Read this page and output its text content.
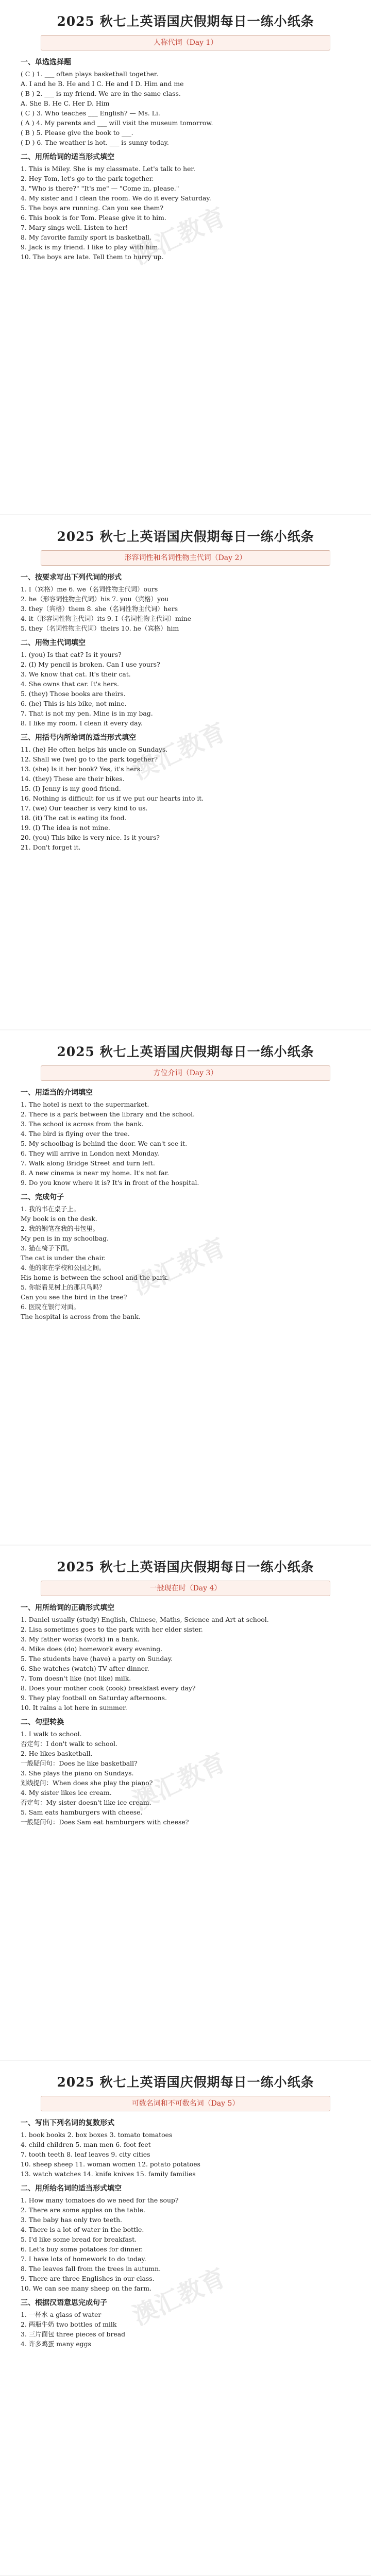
2025 秋七上英语国庆假期每日一练小纸条
人称代词（Day 1）
一、单选选择题
( C ) 1. ___ often plays basketball together.
A. I and he B. He and I C. He and I D. Him and me
( B ) 2. ___ is my friend. We are in the same class.
A. She B. He C. Her D. Him
( C ) 3. Who teaches ___ English? — Ms. Li.
( A ) 4. My parents and ___ will visit the museum tomorrow.
( B ) 5. Please give the book to ___.
( D ) 6. The weather is hot. ___ is sunny today.
二、用所给词的适当形式填空
1. This is Miley. She is my classmate. Let's talk to her.
2. Hey Tom, let's go to the park together.
3. "Who is there?" "It's me" — "Come in, please."
4. My sister and I clean the room. We do it every Saturday.
5. The boys are running. Can you see them?
6. This book is for Tom. Please give it to him.
7. Mary sings well. Listen to her!
8. My favorite family sport is basketball.
9. Jack is my friend. I like to play with him.
10. The boys are late. Tell them to hurry up.
澳汇教育
2025 秋七上英语国庆假期每日一练小纸条
形容词性和名词性物主代词（Day 2）
一、按要求写出下列代词的形式
1. I（宾格）me 6. we（名词性物主代词）ours
2. he（形容词性物主代词）his 7. you（宾格）you
3. they（宾格）them 8. she（名词性物主代词）hers
4. it（形容词性物主代词）its 9. I（名词性物主代词）mine
5. they（名词性物主代词）theirs 10. he（宾格）him
二、用物主代词填空
1. (you) Is that cat? Is it yours?
2. (I) My pencil is broken. Can I use yours?
3. We know that cat. It's their cat.
4. She owns that car. It's hers.
5. (they) Those books are theirs.
6. (he) This is his bike, not mine.
7. That is not my pen. Mine is in my bag.
8. I like my room. I clean it every day.
三、用括号内所给词的适当形式填空
11. (he) He often helps his uncle on Sundays.
12. Shall we (we) go to the park together?
13. (she) Is it her book? Yes, it's hers.
14. (they) These are their bikes.
15. (I) Jenny is my good friend.
16. Nothing is difficult for us if we put our hearts into it.
17. (we) Our teacher is very kind to us.
18. (it) The cat is eating its food.
19. (I) The idea is not mine.
20. (you) This bike is very nice. Is it yours?
21. Don't forget it.
澳汇教育
2025 秋七上英语国庆假期每日一练小纸条
方位介词（Day 3）
一、用适当的介词填空
1. The hotel is next to the supermarket.
2. There is a park between the library and the school.
3. The school is across from the bank.
4. The bird is flying over the tree.
5. My schoolbag is behind the door. We can't see it.
6. They will arrive in London next Monday.
7. Walk along Bridge Street and turn left.
8. A new cinema is near my home. It's not far.
9. Do you know where it is? It's in front of the hospital.
二、完成句子
1. 我的书在桌子上。
My book is on the desk.
2. 我的钢笔在我的书包里。
My pen is in my schoolbag.
3. 猫在椅子下面。
The cat is under the chair.
4. 他的家在学校和公园之间。
His home is between the school and the park.
5. 你能看见树上的那只鸟吗？
Can you see the bird in the tree?
6. 医院在银行对面。
The hospital is across from the bank.
澳汇教育
2025 秋七上英语国庆假期每日一练小纸条
一般现在时（Day 4）
一、用所给词的正确形式填空
1. Daniel usually (study) English, Chinese, Maths, Science and Art at school.
2. Lisa sometimes goes to the park with her elder sister.
3. My father works (work) in a bank.
4. Mike does (do) homework every evening.
5. The students have (have) a party on Sunday.
6. She watches (watch) TV after dinner.
7. Tom doesn't like (not like) milk.
8. Does your mother cook (cook) breakfast every day?
9. They play football on Saturday afternoons.
10. It rains a lot here in summer.
二、句型转换
1. I walk to school.
否定句：I don't walk to school.
2. He likes basketball.
一般疑问句：Does he like basketball?
3. She plays the piano on Sundays.
划线提问：When does she play the piano?
4. My sister likes ice cream.
否定句：My sister doesn't like ice cream.
5. Sam eats hamburgers with cheese.
一般疑问句：Does Sam eat hamburgers with cheese?
澳汇教育
2025 秋七上英语国庆假期每日一练小纸条
可数名词和不可数名词（Day 5）
一、写出下列名词的复数形式
1. book books 2. box boxes 3. tomato tomatoes
4. child children 5. man men 6. foot feet
7. tooth teeth 8. leaf leaves 9. city cities
10. sheep sheep 11. woman women 12. potato potatoes
13. watch watches 14. knife knives 15. family families
二、用所给名词的适当形式填空
1. How many tomatoes do we need for the soup?
2. There are some apples on the table.
3. The baby has only two teeth.
4. There is a lot of water in the bottle.
5. I'd like some bread for breakfast.
6. Let's buy some potatoes for dinner.
7. I have lots of homework to do today.
8. The leaves fall from the trees in autumn.
9. There are three Englishes in our class.
10. We can see many sheep on the farm.
三、根据汉语意思完成句子
1. 一杯水 a glass of water
2. 两瓶牛奶 two bottles of milk
3. 三片面包 three pieces of bread
4. 许多鸡蛋 many eggs
澳汇教育
